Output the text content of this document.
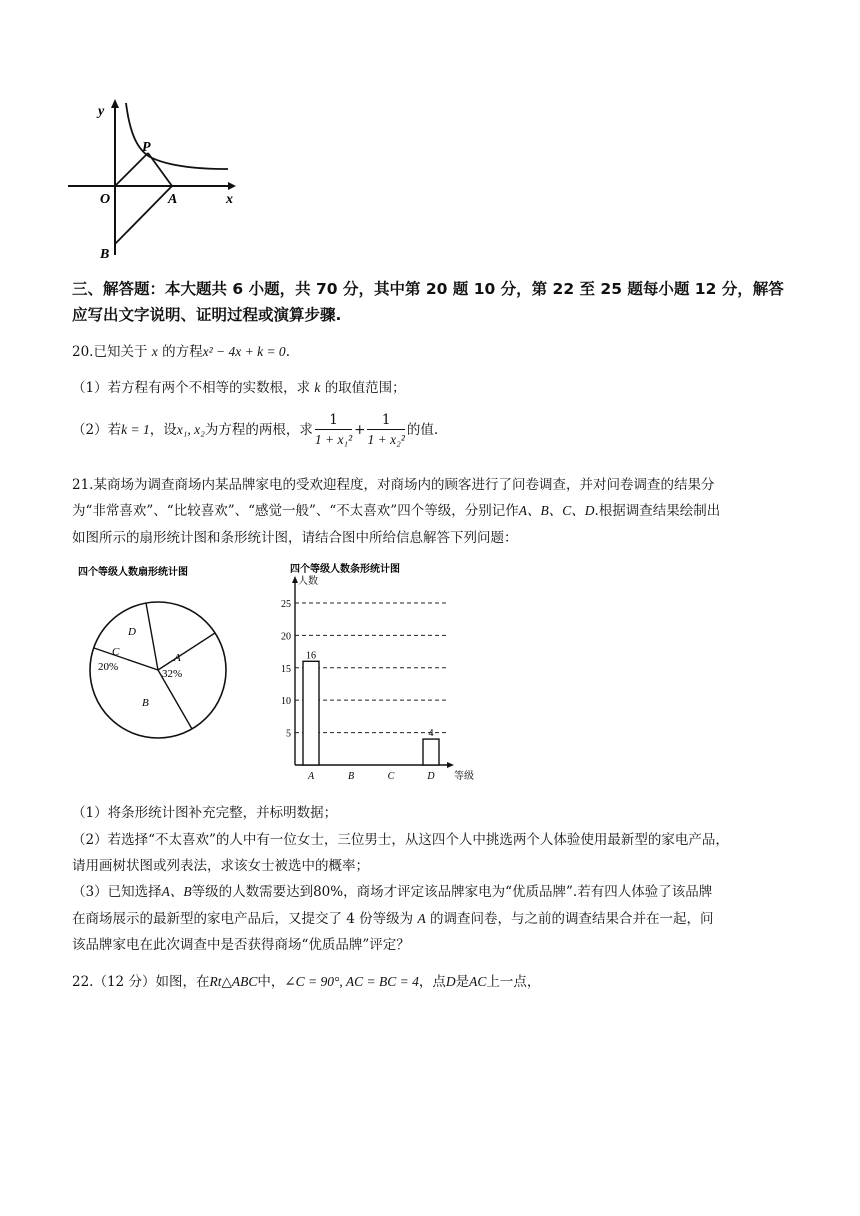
y
P
O	A	x
B
三、解答题：本大题共 6 小题，共 70 分，其中第 20 题 10 分，第 22 至 25 题每小题 12 分，解答
应写出文字说明、证明过程或演算步骤.
20.已知关于 x 的方程x² − 4x + k = 0.
（1）若方程有两个不相等的实数根，求 k 的取值范围；
（2）若k = 1，设x₁, x₂为方程的两根，求 $\frac{1}{\text{1 + x₁²}} + \frac{1}{\text{1 + x₂²}}$ 的值.
21.某商场为调查商场内某品牌家电的受欢迎程度，对商场内的顾客进行了问卷调查，并对问卷调查的结果分
为“非常喜欢”、“比较喜欢”、“感觉一般”、“不太喜欢”四个等级，分别记作A、B、C、D.根据调查结果绘制出
如图所示的扇形统计图和条形统计图，请结合图中所给信息解答下列问题：
四个等级人数扇形统计图
D
C
20%
A
32%
B
四个等级人数条形统计图
人数
等级
5
10
15
20
25
A
16
B	C	D
4
（1）将条形统计图补充完整，并标明数据；
（2）若选择“不太喜欢”的人中有一位女士，三位男士，从这四个人中挑选两个人体验使用最新型的家电产品，
请用画树状图或列表法，求该女士被选中的概率；
（3）已知选择A、B等级的人数需要达到80%，商场才评定该品牌家电为“优质品牌”.若有四人体验了该品牌
在商场展示的最新型的家电产品后，又提交了 4 份等级为 A 的调查问卷，与之前的调查结果合并在一起，问
该品牌家电在此次调查中是否获得商场“优质品牌”评定？
22.（12 分）如图，在Rt△ABC中，∠C = 90°, AC = BC = 4，点D是AC上一点，
